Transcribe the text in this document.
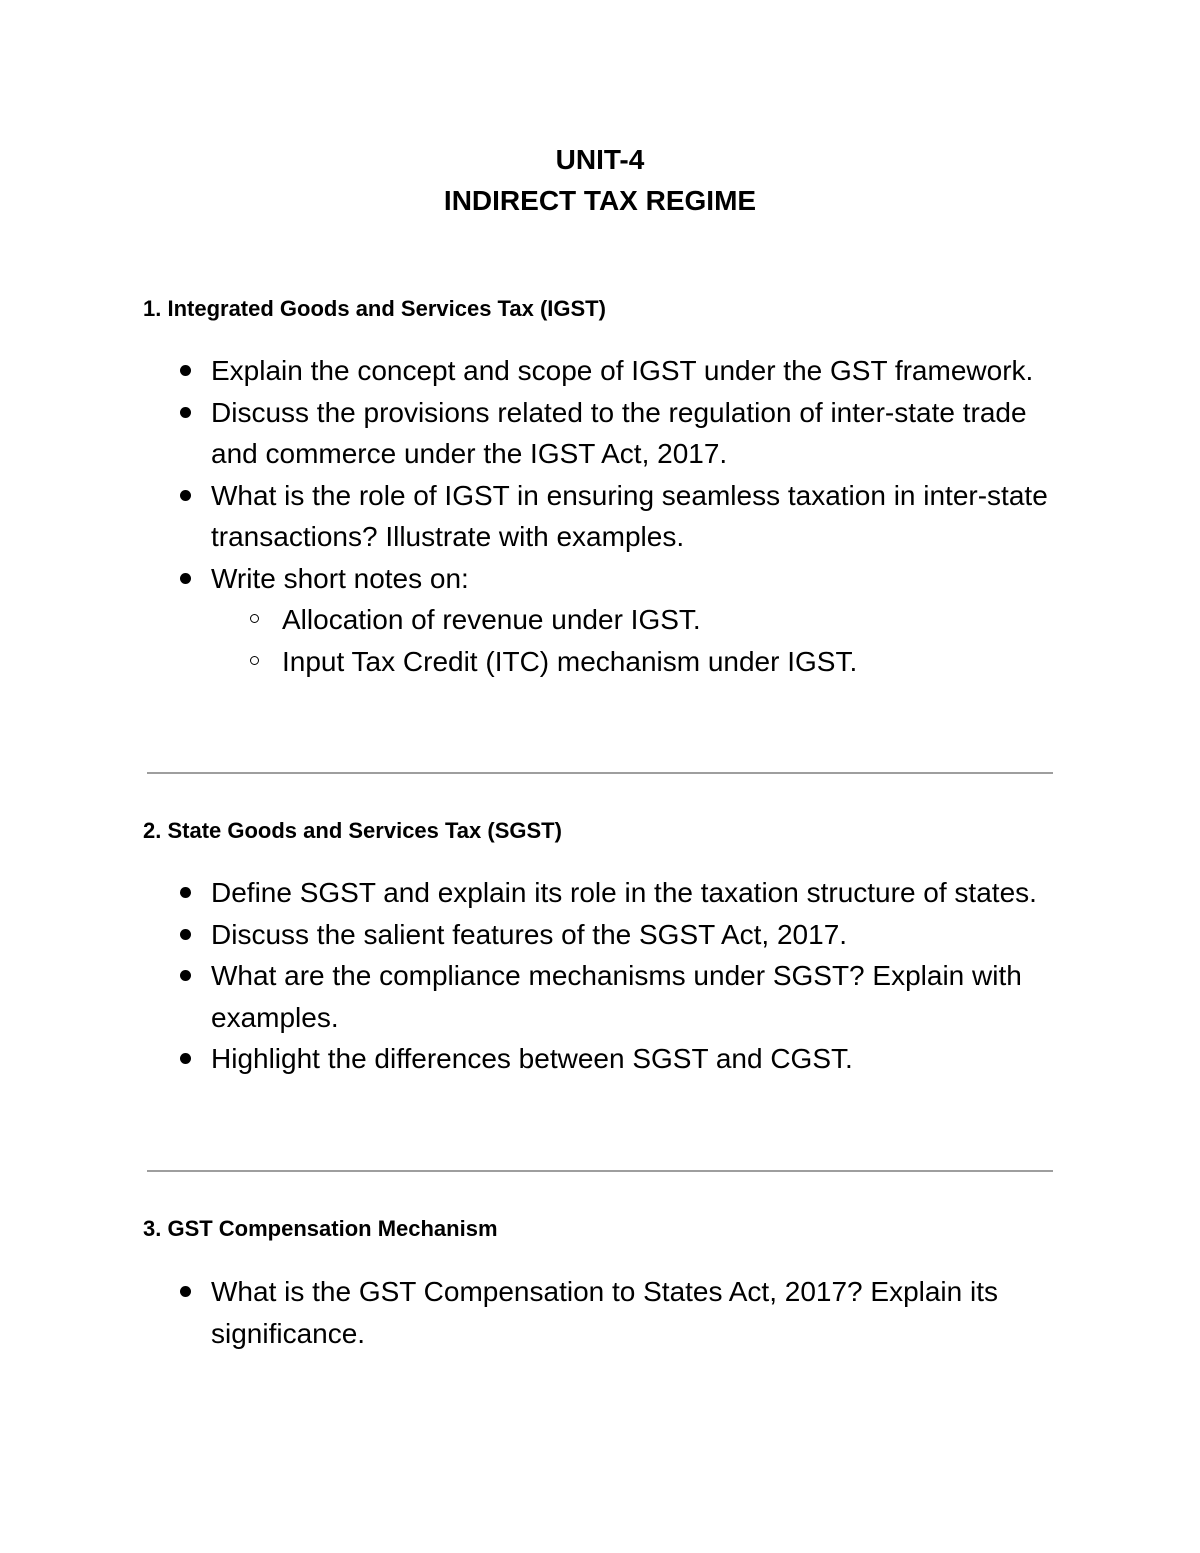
UNIT-4
INDIRECT TAX REGIME
1. Integrated Goods and Services Tax (IGST)
Explain the concept and scope of IGST under the GST framework.
Discuss the provisions related to the regulation of inter-state trade and commerce under the IGST Act, 2017.
What is the role of IGST in ensuring seamless taxation in inter-state transactions? Illustrate with examples.
Write short notes on:
Allocation of revenue under IGST.
Input Tax Credit (ITC) mechanism under IGST.
2. State Goods and Services Tax (SGST)
Define SGST and explain its role in the taxation structure of states.
Discuss the salient features of the SGST Act, 2017.
What are the compliance mechanisms under SGST? Explain with examples.
Highlight the differences between SGST and CGST.
3. GST Compensation Mechanism
What is the GST Compensation to States Act, 2017? Explain its significance.
